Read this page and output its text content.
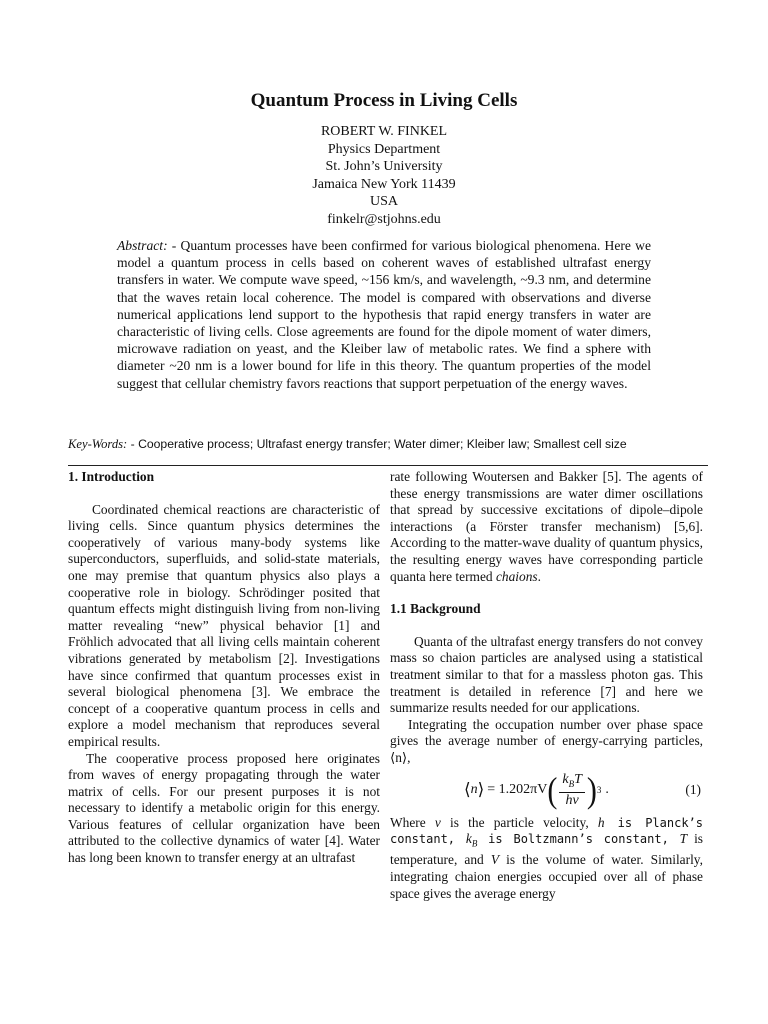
Quantum Process in Living Cells
ROBERT W. FINKEL
Physics Department
St. John’s University
Jamaica New York 11439
USA
finkelr@stjohns.edu
Abstract: - Quantum processes have been confirmed for various biological phenomena. Here we model a quantum process in cells based on coherent waves of established ultrafast energy transfers in water. We compute wave speed, ~156 km/s, and wavelength, ~9.3 nm, and determine that the waves retain local coherence. The model is compared with observations and diverse numerical applications lend support to the hypothesis that rapid energy transfers in water are characteristic of living cells. Close agreements are found for the dipole moment of water dimers, microwave radiation on yeast, and the Kleiber law of metabolic rates. We find a sphere with diameter ~20 nm is a lower bound for life in this theory. The quantum properties of the model suggest that cellular chemistry favors reactions that support perpetuation of the energy waves.
Key-Words: - Cooperative process; Ultrafast energy transfer; Water dimer; Kleiber law; Smallest cell size
1. Introduction

Coordinated chemical reactions are characteristic of living cells. Since quantum physics determines the cooperatively of various many-body systems like superconductors, superfluids, and solid-state materials, one may premise that quantum physics also plays a cooperative role in biology. Schrödinger posited that quantum effects might distinguish living from non-living matter revealing “new” physical behavior [1] and Fröhlich advocated that all living cells maintain coherent vibrations generated by metabolism [2]. Investigations have since confirmed that quantum processes exist in several biological phenomena [3]. We embrace the concept of a cooperative quantum process in cells and explore a model mechanism that reproduces several empirical results.

The cooperative process proposed here originates from waves of energy propagating through the water matrix of cells. For our present purposes it is not necessary to identify a metabolic origin for this energy. Various features of cellular organization have been attributed to the collective dynamics of water [4]. Water has long been known to transfer energy at an ultrafast

rate following Woutersen and Bakker [5]. The agents of these energy transmissions are water dimer oscillations that spread by successive excitations of dipole–dipole interactions (a Förster transfer mechanism) [5,6]. According to the matter-wave duality of quantum physics, the resulting energy waves have corresponding particle quanta here termed chaions.

1.1 Background

Quanta of the ultrafast energy transfers do not convey mass so chaion particles are analysed using a statistical treatment similar to that for a massless photon gas. This treatment is detailed in reference [7] and here we summarize results needed for our applications.

Integrating the occupation number over phase space gives the average number of energy-carrying particles, ⟨n⟩,

⟨ n ⟩ = 1.202πV ( $\frac{k_BT}{h\nu}$ ) 3 .	(1)

Where v is the particle velocity, h is Planck’s constant, $k_B$ is Boltzmann’s constant, T is temperature, and V is the volume of water. Similarly, integrating chaion energies occupied over all of phase space gives the average energy
